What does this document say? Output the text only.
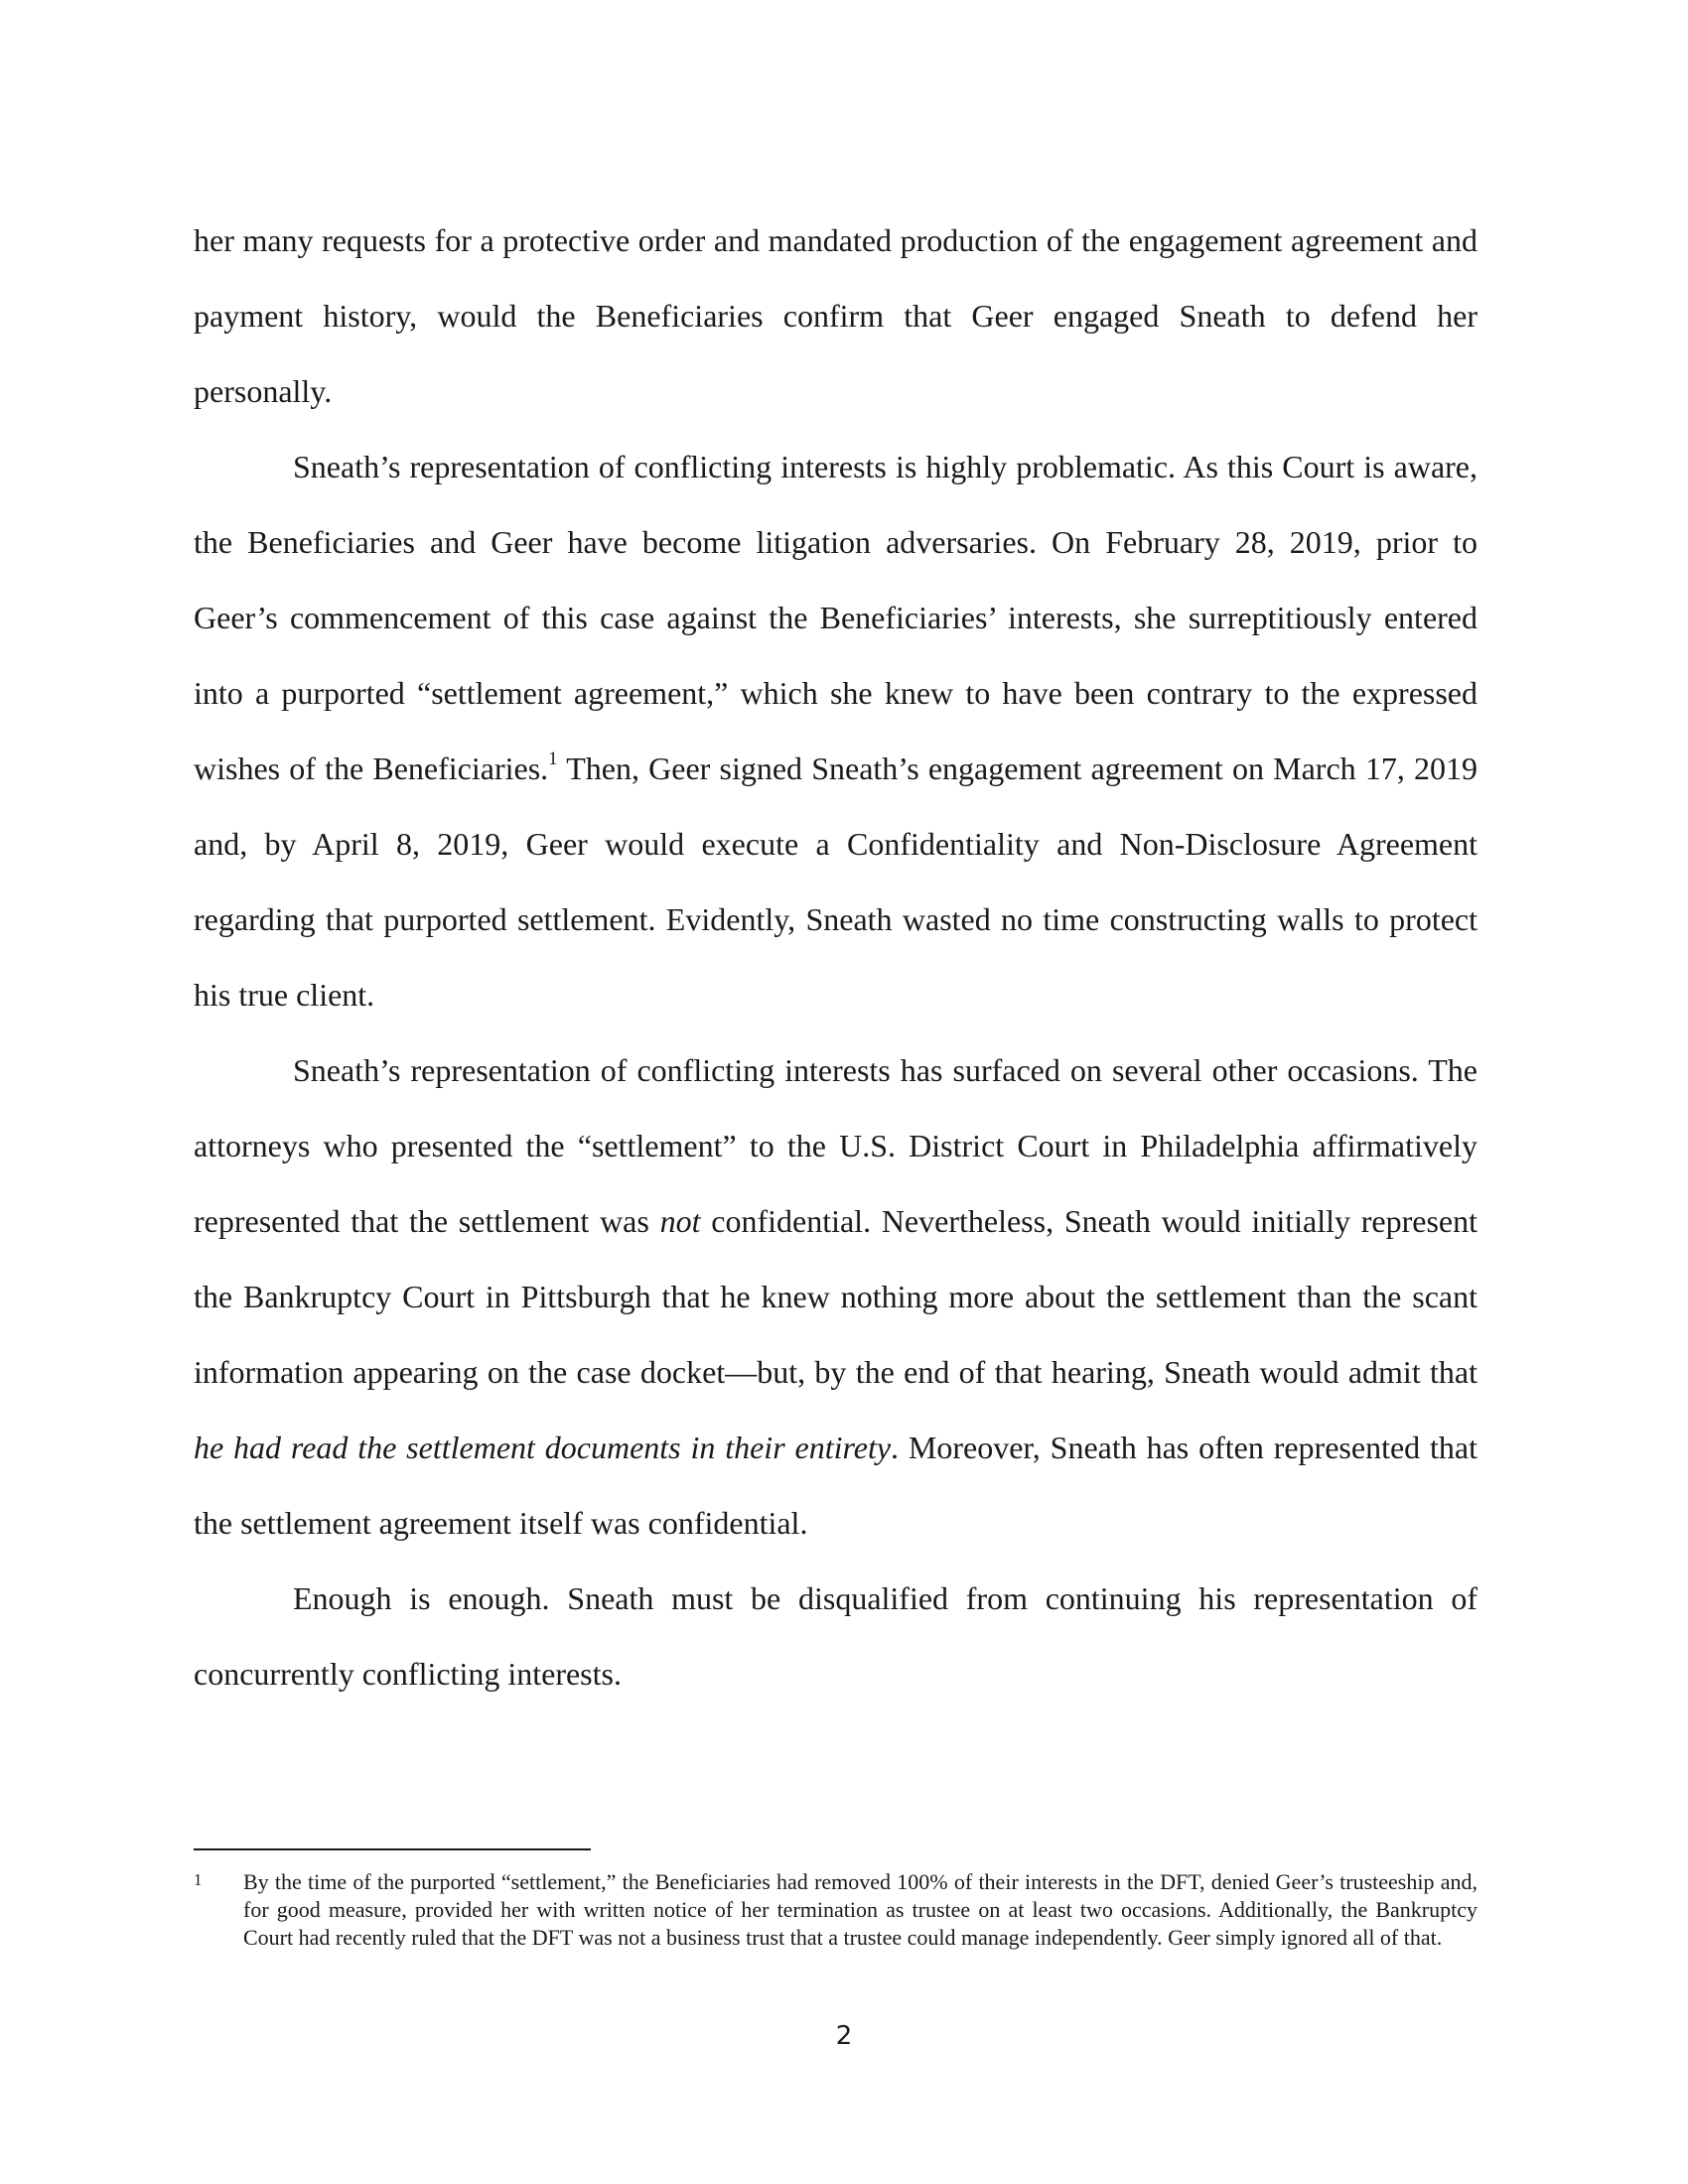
her many requests for a protective order and mandated production of the engagement agreement and payment history, would the Beneficiaries confirm that Geer engaged Sneath to defend her personally.

Sneath’s representation of conflicting interests is highly problematic. As this Court is aware, the Beneficiaries and Geer have become litigation adversaries. On February 28, 2019, prior to Geer’s commencement of this case against the Beneficiaries’ interests, she surreptitiously entered into a purported “settlement agreement,” which she knew to have been contrary to the expressed wishes of the Beneficiaries.$^1$ Then, Geer signed Sneath’s engagement agreement on March 17, 2019 and, by April 8, 2019, Geer would execute a Confidentiality and Non-Disclosure Agreement regarding that purported settlement. Evidently, Sneath wasted no time constructing walls to protect his true client.

Sneath’s representation of conflicting interests has surfaced on several other occasions. The attorneys who presented the “settlement” to the U.S. District Court in Philadelphia affirmatively represented that the settlement was not confidential. Nevertheless, Sneath would initially represent the Bankruptcy Court in Pittsburgh that he knew nothing more about the settlement than the scant information appearing on the case docket—but, by the end of that hearing, Sneath would admit that he had read the settlement documents in their entirety. Moreover, Sneath has often represented that the settlement agreement itself was confidential.

Enough is enough. Sneath must be disqualified from continuing his representation of concurrently conflicting interests.

1	By the time of the purported “settlement,” the Beneficiaries had removed 100% of their interests in the DFT, denied Geer’s trusteeship and, for good measure, provided her with written notice of her termination as trustee on at least two occasions. Additionally, the Bankruptcy Court had recently ruled that the DFT was not a business trust that a trustee could manage independently. Geer simply ignored all of that.
2
